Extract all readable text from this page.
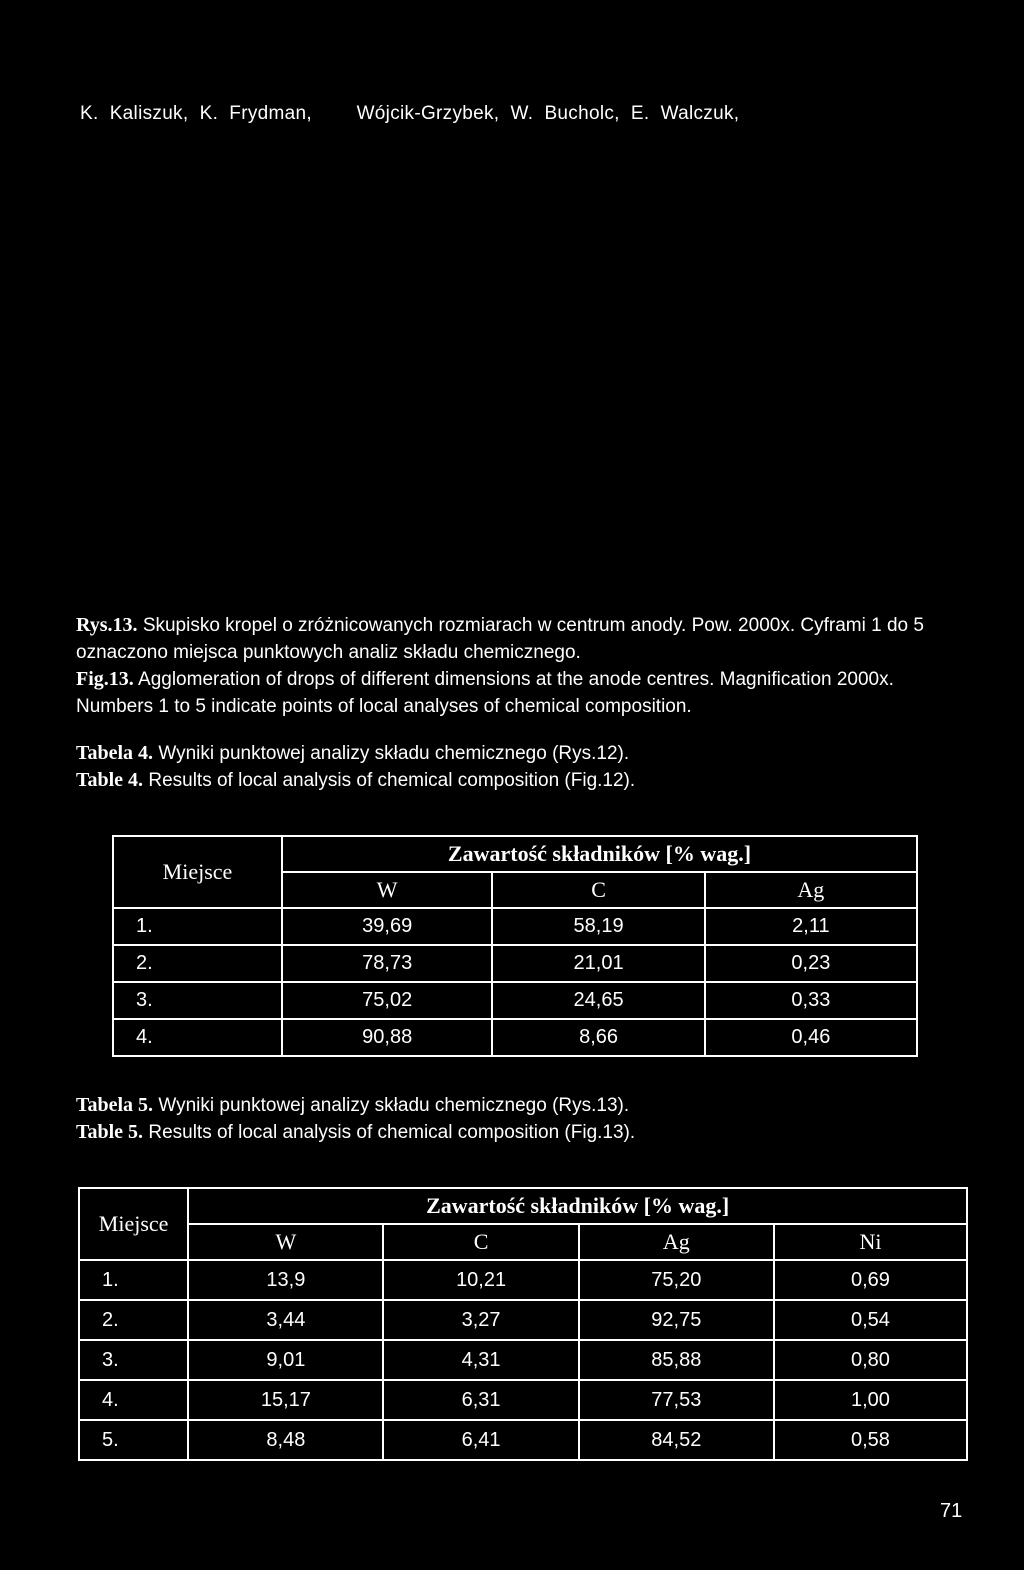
K.  Kaliszuk,  K.  Frydman,        Wójcik-Grzybek,  W.  Bucholc,  E.  Walczuk,

Rys.13. Skupisko kropel o zróżnicowanych rozmiarach w centrum anody. Pow. 2000x. Cyframi 1 do 5 oznaczono miejsca punktowych analiz składu chemicznego.

Fig.13. Agglomeration of drops of different dimensions at the anode centres. Magnification 2000x. Numbers 1 to 5 indicate points of local analyses of chemical composition.

Tabela 4. Wyniki punktowej analizy składu chemicznego (Rys.12).

Table 4. Results of local analysis of chemical composition (Fig.12).

Miejsce	Zawartość składników [% wag.]		
	W	C	Ag
1.	39,69	58,19	2,11
2.	78,73	21,01	0,23
3.	75,02	24,65	0,33
4.	90,88	8,66	0,46

Tabela 5. Wyniki punktowej analizy składu chemicznego (Rys.13).

Table 5. Results of local analysis of chemical composition (Fig.13).

Miejsce	Zawartość składników [% wag.]			
	W	C	Ag	Ni
1.	13,9	10,21	75,20	0,69
2.	3,44	3,27	92,75	0,54
3.	9,01	4,31	85,88	0,80
4.	15,17	6,31	77,53	1,00
5.	8,48	6,41	84,52	0,58
71
